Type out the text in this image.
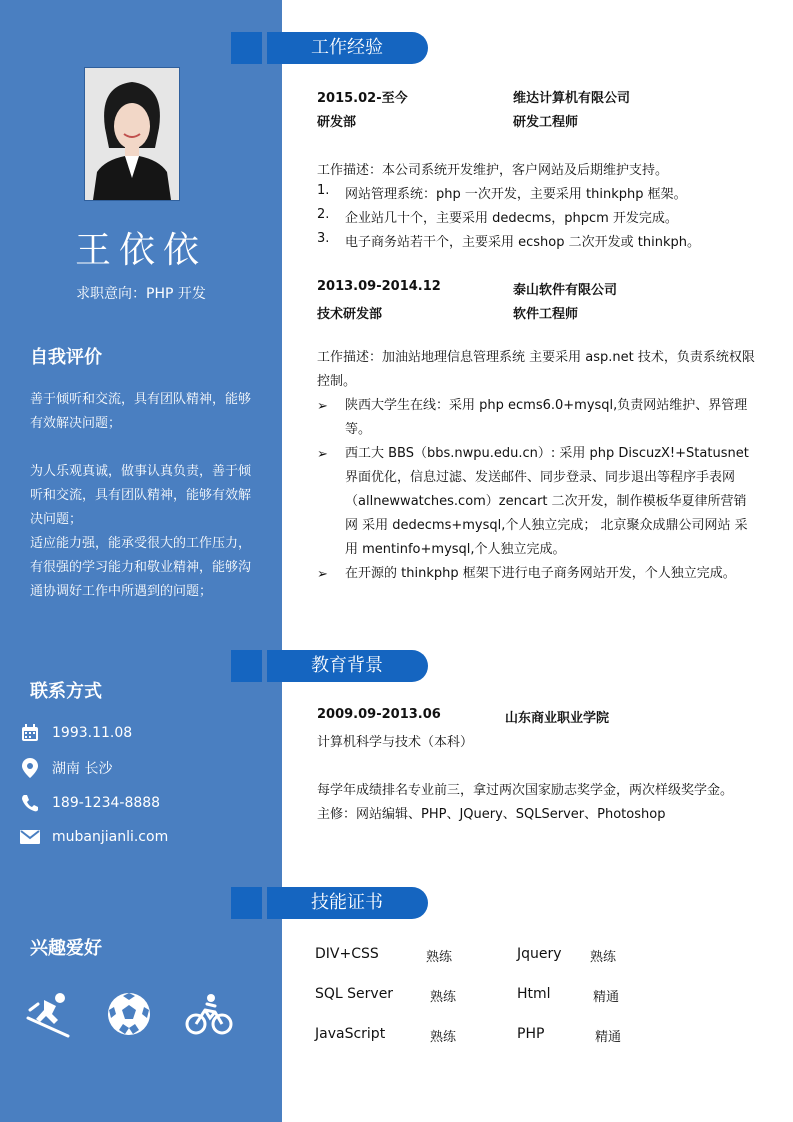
王依依
求职意向：PHP 开发
自我评价
善于倾听和交流，具有团队精神，能够有效解决问题；
为人乐观真诚，做事认真负责，善于倾听和交流，具有团队精神，能够有效解决问题；
适应能力强，能承受很大的工作压力，有很强的学习能力和敬业精神，能够沟通协调好工作中所遇到的问题；
联系方式
1993.11.08
湖南 长沙
189-1234-8888
mubanjianli.com
兴趣爱好
工作经验
2015.02-至今	维达计算机有限公司
研发部	研发工程师
工作描述：本公司系统开发维护，客户网站及后期维护支持。
1. 网站管理系统：php 一次开发，主要采用 thinkphp 框架。
2. 企业站几十个，主要采用 dedecms，phpcm 开发完成。
3. 电子商务站若干个，主要采用 ecshop 二次开发或 thinkph。
2013.09-2014.12	泰山软件有限公司
技术研发部	软件工程师
工作描述：加油站地理信息管理系统 主要采用 asp.net 技术，负责系统权限控制。
➢ 陕西大学生在线：采用 php ecms6.0+mysql,负责网站维护、界管理等。
➢ 西工大 BBS（bbs.nwpu.edu.cn）: 采用 php DiscuzX!+Statusnet 界面优化，信息过滤、发送邮件、同步登录、同步退出等程序手表网（allnewwatches.com）zencart 二次开发，制作模板华夏律所营销网 采用 dedecms+mysql,个人独立完成； 北京聚众成鼎公司网站 采用 mentinfo+mysql,个人独立完成。
➢ 在开源的 thinkphp 框架下进行电子商务网站开发，个人独立完成。
教育背景
2009.09-2013.06	山东商业职业学院
计算机科学与技术（本科）
每学年成绩排名专业前三，拿过两次国家励志奖学金，两次样级奖学金。
主修：网站编辑、PHP、JQuery、SQLServer、Photoshop
技能证书
DIV+CSS	熟练	Jquery 熟练
SQL Server	熟练	Html	精通
JavaScript	熟练	PHP	精通
